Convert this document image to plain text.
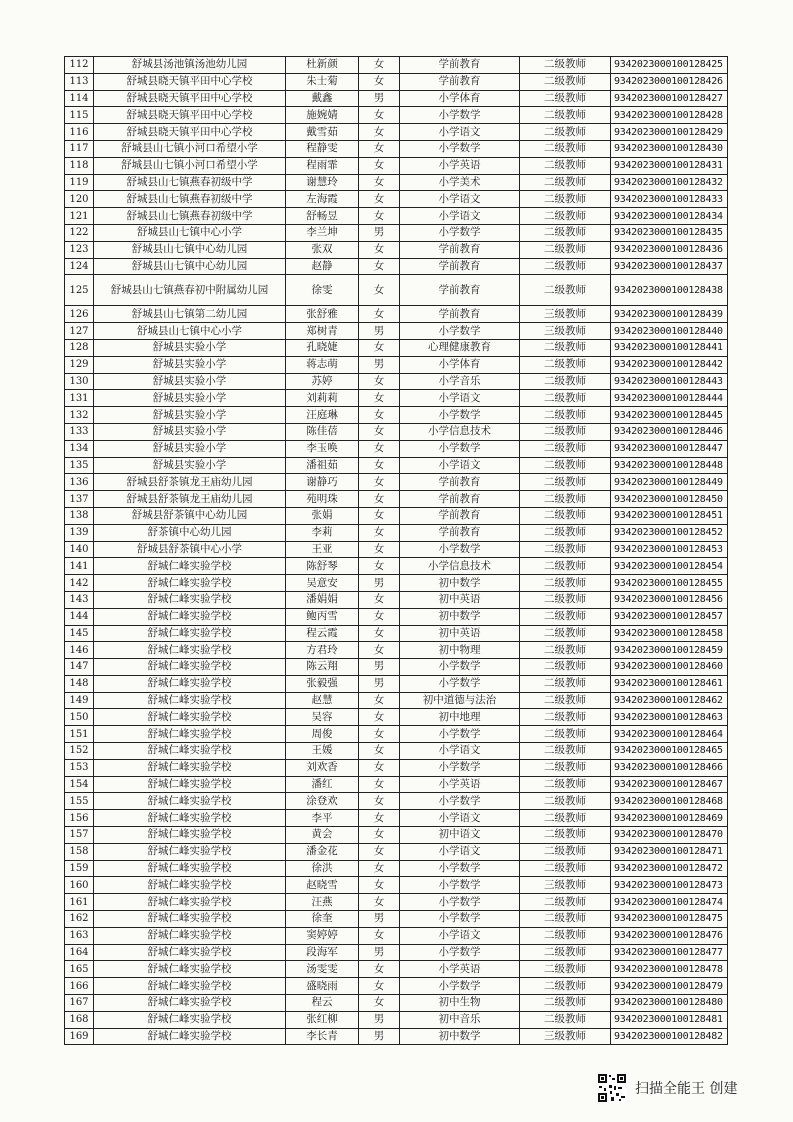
112	舒城县汤池镇汤池幼儿园	杜新颜	女	学前教育	二级教师	9342023000100128425
113	舒城县晓天镇平田中心学校	朱士菊	女	学前教育	二级教师	9342023000100128426
114	舒城县晓天镇平田中心学校	戴鑫	男	小学体育	二级教师	9342023000100128427
115	舒城县晓天镇平田中心学校	施婉婧	女	小学数学	二级教师	9342023000100128428
116	舒城县晓天镇平田中心学校	戴雪茹	女	小学语文	二级教师	9342023000100128429
117	舒城县山七镇小河口希望小学	程静雯	女	小学数学	二级教师	9342023000100128430
118	舒城县山七镇小河口希望小学	程雨霏	女	小学英语	二级教师	9342023000100128431
119	舒城县山七镇燕春初级中学	谢慧玲	女	小学美术	二级教师	9342023000100128432
120	舒城县山七镇燕春初级中学	左海霞	女	小学语文	二级教师	9342023000100128433
121	舒城县山七镇燕春初级中学	舒畅昱	女	小学语文	二级教师	9342023000100128434
122	舒城县山七镇中心小学	李兰坤	男	小学数学	二级教师	9342023000100128435
123	舒城县山七镇中心幼儿园	张双	女	学前教育	二级教师	9342023000100128436
124	舒城县山七镇中心幼儿园	赵静	女	学前教育	二级教师	9342023000100128437
125	舒城县山七镇燕春初中附属幼儿园	徐雯	女	学前教育	二级教师	9342023000100128438
126	舒城县山七镇第二幼儿园	张舒雅	女	学前教育	三级教师	9342023000100128439
127	舒城县山七镇中心小学	郑树青	男	小学数学	三级教师	9342023000100128440
128	舒城县实验小学	孔晓婕	女	心理健康教育	二级教师	9342023000100128441
129	舒城县实验小学	蒋志萌	男	小学体育	二级教师	9342023000100128442
130	舒城县实验小学	苏婷	女	小学音乐	二级教师	9342023000100128443
131	舒城县实验小学	刘莉莉	女	小学语文	二级教师	9342023000100128444
132	舒城县实验小学	汪庭琳	女	小学数学	二级教师	9342023000100128445
133	舒城县实验小学	陈佳蓓	女	小学信息技术	二级教师	9342023000100128446
134	舒城县实验小学	李玉唤	女	小学数学	二级教师	9342023000100128447
135	舒城县实验小学	潘祖茹	女	小学语文	二级教师	9342023000100128448
136	舒城县舒茶镇龙王庙幼儿园	谢静巧	女	学前教育	二级教师	9342023000100128449
137	舒城县舒茶镇龙王庙幼儿园	苑明珠	女	学前教育	二级教师	9342023000100128450
138	舒城县舒茶镇中心幼儿园	张娟	女	学前教育	二级教师	9342023000100128451
139	舒茶镇中心幼儿园	李莉	女	学前教育	二级教师	9342023000100128452
140	舒城县舒茶镇中心小学	王亚	女	小学数学	二级教师	9342023000100128453
141	舒城仁峰实验学校	陈舒琴	女	小学信息技术	二级教师	9342023000100128454
142	舒城仁峰实验学校	吴意安	男	初中数学	二级教师	9342023000100128455
143	舒城仁峰实验学校	潘娟娟	女	初中英语	二级教师	9342023000100128456
144	舒城仁峰实验学校	鲍丙雪	女	初中数学	二级教师	9342023000100128457
145	舒城仁峰实验学校	程云霞	女	初中英语	二级教师	9342023000100128458
146	舒城仁峰实验学校	方君玲	女	初中物理	二级教师	9342023000100128459
147	舒城仁峰实验学校	陈云翔	男	小学数学	二级教师	9342023000100128460
148	舒城仁峰实验学校	张毅强	男	小学数学	二级教师	9342023000100128461
149	舒城仁峰实验学校	赵慧	女	初中道德与法治	二级教师	9342023000100128462
150	舒城仁峰实验学校	吴容	女	初中地理	二级教师	9342023000100128463
151	舒城仁峰实验学校	周俊	女	小学数学	二级教师	9342023000100128464
152	舒城仁峰实验学校	王媛	女	小学语文	二级教师	9342023000100128465
153	舒城仁峰实验学校	刘欢香	女	小学数学	二级教师	9342023000100128466
154	舒城仁峰实验学校	潘红	女	小学英语	二级教师	9342023000100128467
155	舒城仁峰实验学校	涂登欢	女	小学数学	二级教师	9342023000100128468
156	舒城仁峰实验学校	李平	女	小学语文	二级教师	9342023000100128469
157	舒城仁峰实验学校	黄会	女	初中语文	二级教师	9342023000100128470
158	舒城仁峰实验学校	潘金花	女	小学语文	二级教师	9342023000100128471
159	舒城仁峰实验学校	徐洪	女	小学数学	二级教师	9342023000100128472
160	舒城仁峰实验学校	赵晓雪	女	小学数学	三级教师	9342023000100128473
161	舒城仁峰实验学校	汪燕	女	小学数学	二级教师	9342023000100128474
162	舒城仁峰实验学校	徐奎	男	小学数学	二级教师	9342023000100128475
163	舒城仁峰实验学校	窦婷婷	女	小学语文	二级教师	9342023000100128476
164	舒城仁峰实验学校	段海军	男	小学数学	二级教师	9342023000100128477
165	舒城仁峰实验学校	汤雯雯	女	小学英语	二级教师	9342023000100128478
166	舒城仁峰实验学校	盛晓雨	女	小学数学	二级教师	9342023000100128479
167	舒城仁峰实验学校	程云	女	初中生物	二级教师	9342023000100128480
168	舒城仁峰实验学校	张红柳	男	初中音乐	二级教师	9342023000100128481
169	舒城仁峰实验学校	李长青	男	初中数学	三级教师	9342023000100128482
扫描全能王 创建
